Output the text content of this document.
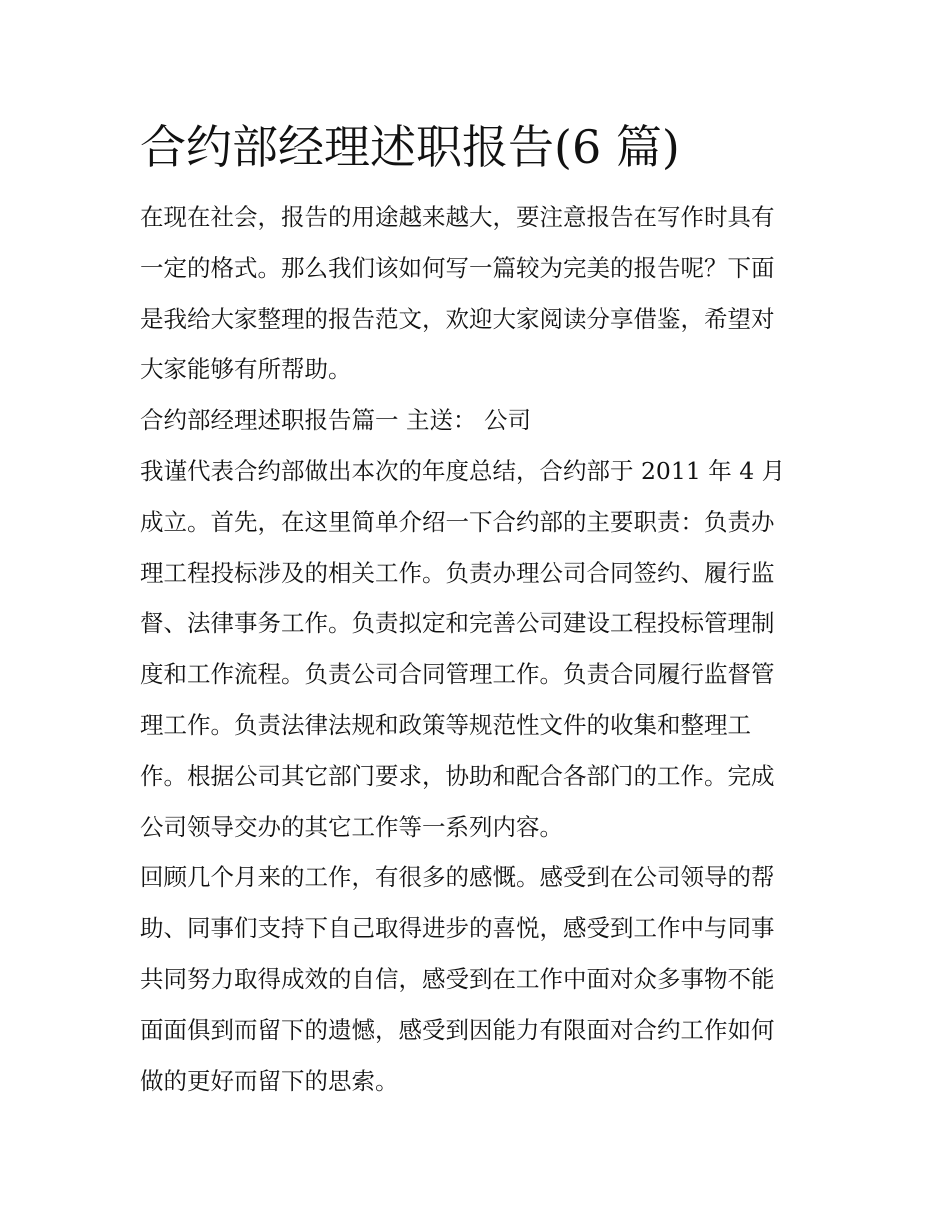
合约部经理述职报告(6 篇)
在现在社会，报告的用途越来越大，要注意报告在写作时具有
一定的格式。那么我们该如何写一篇较为完美的报告呢？下面
是我给大家整理的报告范文，欢迎大家阅读分享借鉴，希望对
大家能够有所帮助。
合约部经理述职报告篇一 主送： 公司
我谨代表合约部做出本次的年度总结，合约部于 2011 年 4 月
成立。首先，在这里简单介绍一下合约部的主要职责：负责办
理工程投标涉及的相关工作。负责办理公司合同签约、履行监
督、法律事务工作。负责拟定和完善公司建设工程投标管理制
度和工作流程。负责公司合同管理工作。负责合同履行监督管
理工作。负责法律法规和政策等规范性文件的收集和整理工
作。根据公司其它部门要求，协助和配合各部门的工作。完成
公司领导交办的其它工作等一系列内容。
回顾几个月来的工作，有很多的感慨。感受到在公司领导的帮
助、同事们支持下自己取得进步的喜悦，感受到工作中与同事
共同努力取得成效的自信，感受到在工作中面对众多事物不能
面面俱到而留下的遗憾，感受到因能力有限面对合约工作如何
做的更好而留下的思索。
